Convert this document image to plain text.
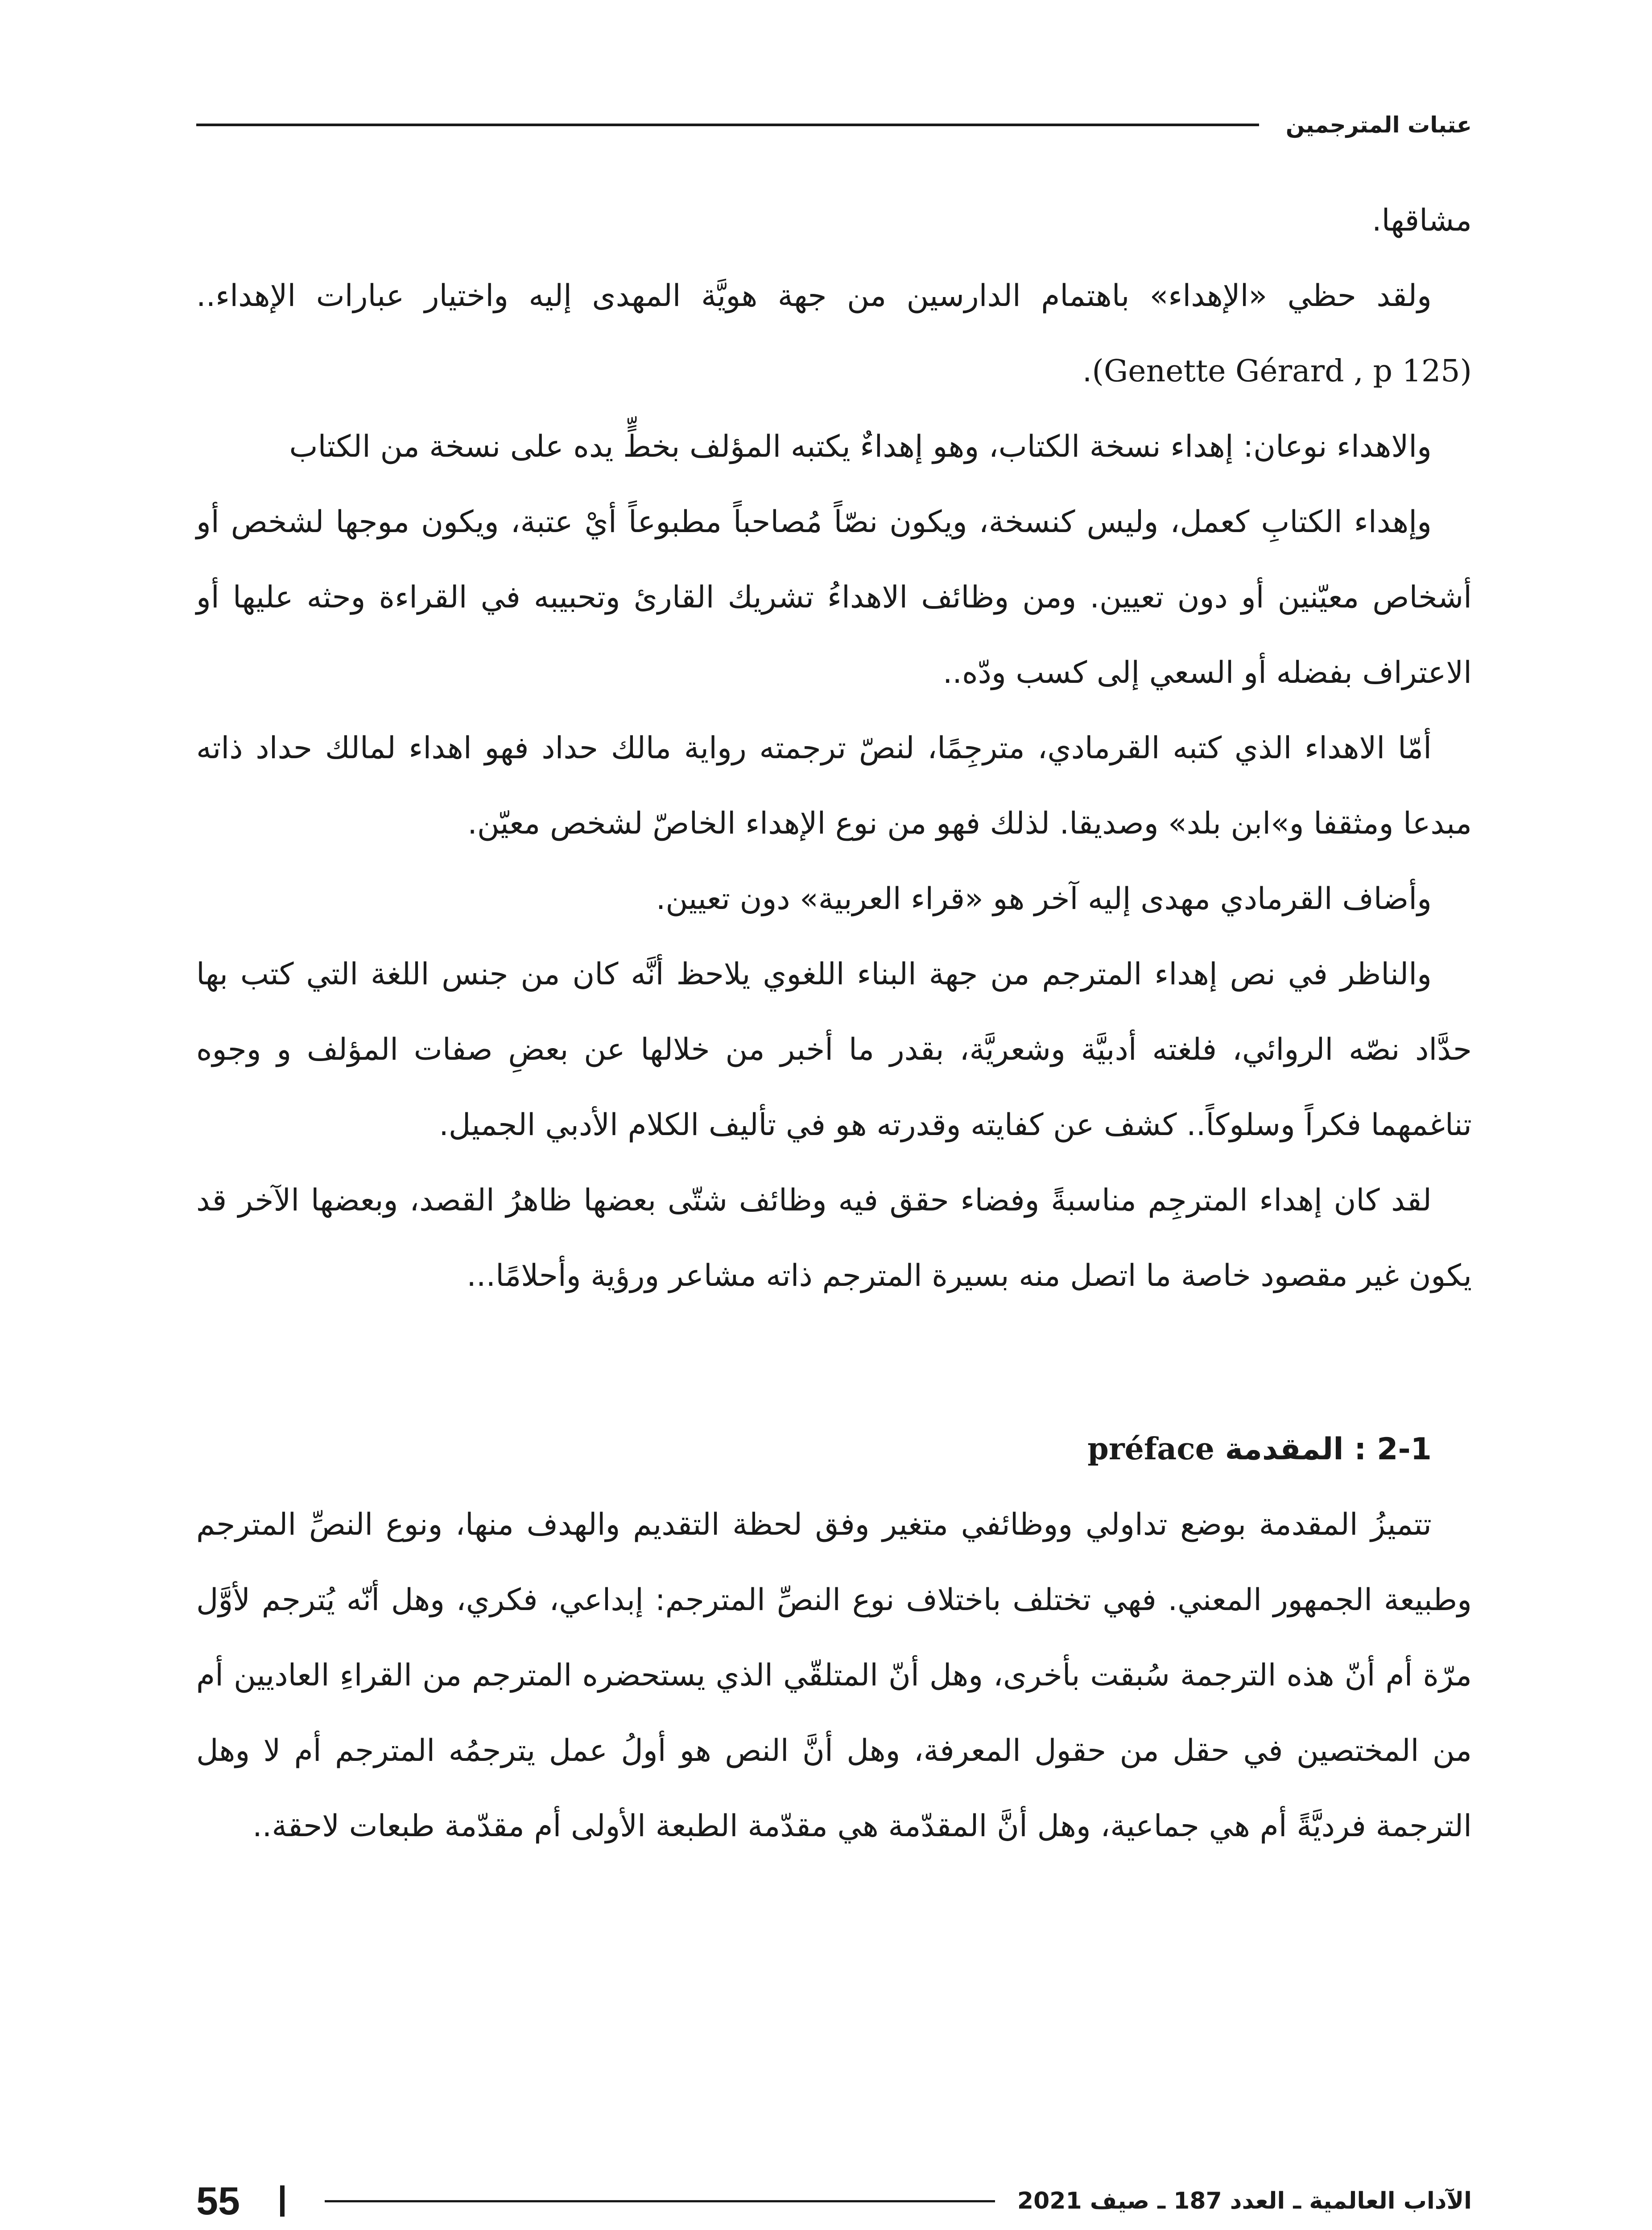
عتبات المترجمين

مشاقها.

ولقد حظي «الإهداء» باهتمام الدارسين من جهة هويَّة المهدى إليه واختيار عبارات الإهداء.. (Genette Gérard , p 125).

والاهداء نوعان: إهداء نسخة الكتاب، وهو إهداءٌ يكتبه المؤلف بخطٍّ يده على نسخة من الكتاب

وإهداء الكتابِ كعمل، وليس كنسخة، ويكون نصّاً مُصاحباً مطبوعاً أيْ عتبة، ويكون موجها لشخص أو أشخاص معيّنين أو دون تعيين. ومن وظائف الاهداءُ تشريك القارئ وتحبيبه في القراءة وحثه عليها أو الاعتراف بفضله أو السعي إلى كسب ودّه..

أمّا الاهداء الذي كتبه القرمادي، مترجِمًا، لنصّ ترجمته رواية مالك حداد فهو اهداء لمالك حداد ذاته مبدعا ومثقفا و»ابن بلد» وصديقا. لذلك فهو من نوع الإهداء الخاصّ لشخص معيّن.

وأضاف القرمادي مهدى إليه آخر هو «قراء العربية» دون تعيين.

والناظر في نص إهداء المترجم من جهة البناء اللغوي يلاحظ أنَّه كان من جنس اللغة التي كتب بها حدَّاد نصّه الروائي، فلغته أدبيَّة وشعريَّة، بقدر ما أخبر من خلالها عن بعضِ صفات المؤلف و وجوه تناغمهما فكراً وسلوكاً.. كشف عن كفايته وقدرته هو في تأليف الكلام الأدبي الجميل.

لقد كان إهداء المترجِم مناسبةً وفضاء حقق فيه وظائف شتّى بعضها ظاهرُ القصد، وبعضها الآخر قد يكون غير مقصود خاصة ما اتصل منه بسيرة المترجم ذاته مشاعر ورؤية وأحلامًا...

2-1 : المقدمة préface

تتميزُ المقدمة بوضع تداولي ووظائفي متغير وفق لحظة التقديم والهدف منها، ونوع النصِّ المترجم وطبيعة الجمهور المعني. فهي تختلف باختلاف نوع النصِّ المترجم: إبداعي، فكري، وهل أنّه يُترجم لأوَّل مرّة أم أنّ هذه الترجمة سُبقت بأخرى، وهل أنّ المتلقّي الذي يستحضره المترجم من القراءِ العاديين أم من المختصين في حقل من حقول المعرفة، وهل أنَّ النص هو أولُ عمل يترجمُه المترجم أم لا وهل الترجمة فرديَّةً أم هي جماعية، وهل أنَّ المقدّمة هي مقدّمة الطبعة الأولى أم مقدّمة طبعات لاحقة..

الآداب العالمية ـ العدد 187 ـ صيف 2021
55
